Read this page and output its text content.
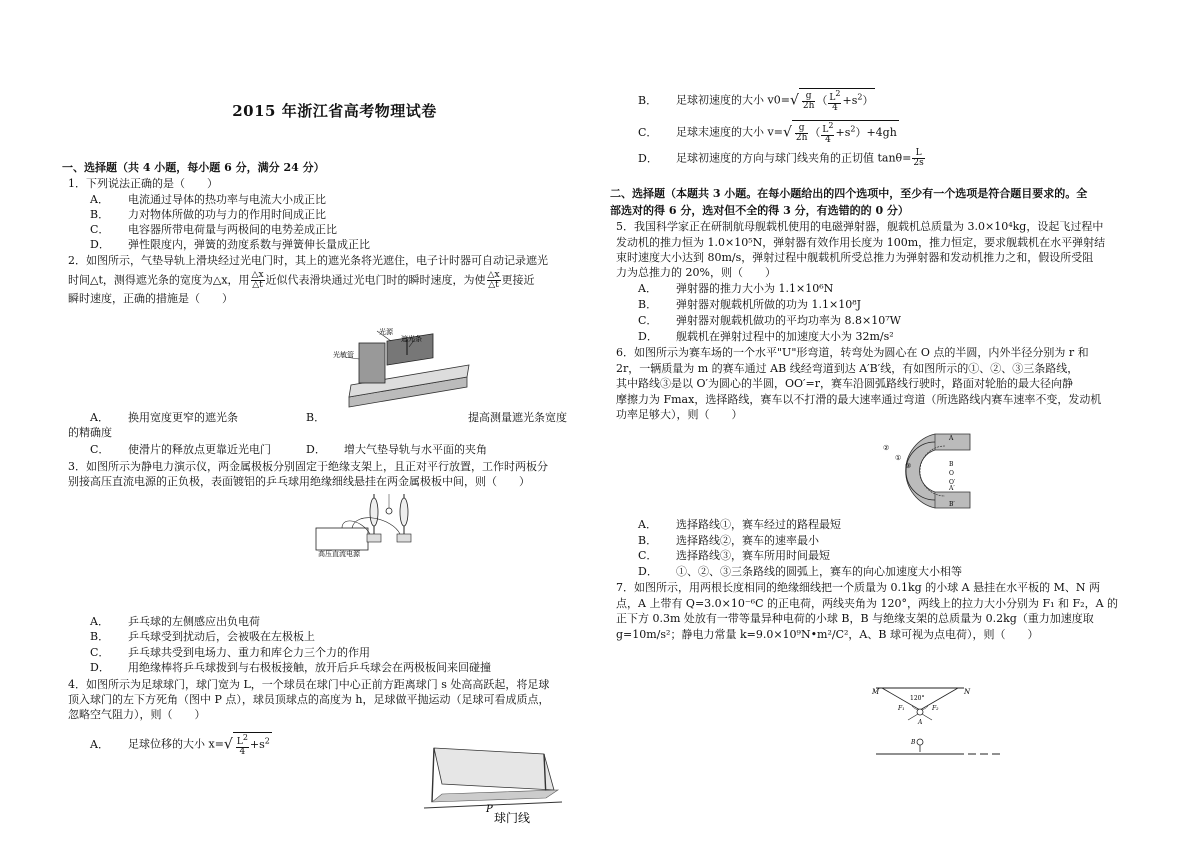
2015 年浙江省高考物理试卷
一、选择题（共 4 小题，每小题 6 分，满分 24 分）
1．下列说法正确的是（　　）
A． 电流通过导体的热功率与电流大小成正比
B． 力对物体所做的功与力的作用时间成正比
C． 电容器所带电荷量与两极间的电势差成正比
D． 弹性限度内，弹簧的劲度系数与弹簧伸长量成正比
2．如图所示，气垫导轨上滑块经过光电门时，其上的遮光条将光遮住，电子计时器可自动记录遮光
时间△t，测得遮光条的宽度为△x，用 $\frac{\triangle x}{\triangle t}$ 近似代表滑块通过光电门时的瞬时速度，为使 $\frac{\triangle x}{\triangle t}$ 更接近
瞬时速度，正确的措施是（　　）
光源
遮光条
光敏管
A． 换用宽度更窄的遮光条	B．	提高测量遮光条宽度
的精确度
C． 使滑片的释放点更靠近光电门	D． 增大气垫导轨与水平面的夹角
3．如图所示为静电力演示仪，两金属极板分别固定于绝缘支架上，且正对平行放置，工作时两板分
别接高压直流电源的正负极，表面镀铝的乒乓球用绝缘细线悬挂在两金属极板中间，则（　　）
高压直流电源
A． 乒乓球的左侧感应出负电荷
B． 乒乓球受到扰动后，会被吸在左极板上
C． 乒乓球共受到电场力、重力和库仑力三个力的作用
D． 用绝缘棒将乒乓球拨到与右极板接触，放开后乒乓球会在两极板间来回碰撞
4．如图所示为足球球门，球门宽为 L，一个球员在球门中心正前方距离球门 s 处高高跃起，将足球
顶入球门的左下方死角（图中 P 点），球员顶球点的高度为 h，足球做平抛运动（足球可看成质点，
忽略空气阻力），则（　　）
A． 足球位移的大小 $x=√ \frac{L^2}{4} +s^2$
P
球门线
B． 足球初速度的大小 $v0=√ \frac{g}{2h}$ （ $\frac{L^2}{4} +s^2$）
C． 足球末速度的大小 $v=√ \frac{g}{2h}$ （ $\frac{L^2}{4} +s^2)+4gh$
D． 足球初速度的方向与球门线夹角的正切值 $\tan\theta= \frac{L}{2s}$
二、选择题（本题共 3 小题。在每小题给出的四个选项中，至少有一个选项是符合题目要求的。全
部选对的得 6 分，选对但不全的得 3 分，有选错的的 0 分）
5．我国科学家正在研制航母舰载机使用的电磁弹射器，舰载机总质量为 3.0×10⁴kg，设起飞过程中
发动机的推力恒为 1.0×10⁵N，弹射器有效作用长度为 100m，推力恒定，要求舰载机在水平弹射结
束时速度大小达到 80m/s，弹射过程中舰载机所受总推力为弹射器和发动机推力之和，假设所受阻
力为总推力的 20%，则（　　）
A． 弹射器的推力大小为 1.1×10⁶N
B． 弹射器对舰载机所做的功为 1.1×10⁸J
C． 弹射器对舰载机做功的平均功率为 8.8×10⁷W
D． 舰载机在弹射过程中的加速度大小为 32m/s²
6．如图所示为赛车场的一个水平"U"形弯道，转弯处为圆心在 O 点的半圆，内外半径分别为 r 和
2r，一辆质量为 m 的赛车通过 AB 线经弯道到达 A′B′线，有如图所示的①、②、③三条路线，
其中路线③是以 O′为圆心的半圆，OO′=r，赛车沿圆弧路线行驶时，路面对轮胎的最大径向静
摩擦力为 Fmax，选择路线，赛车以不打滑的最大速率通过弯道（所选路线内赛车速率不变，发动机
功率足够大），则（　　）
②
①
③
A
B
O
O′
A′
B′
A． 选择路线①，赛车经过的路程最短
B． 选择路线②，赛车的速率最小
C． 选择路线③，赛车所用时间最短
D． ①、②、③三条路线的圆弧上，赛车的向心加速度大小相等
7．如图所示，用两根长度相同的绝缘细线把一个质量为 0.1kg 的小球 A 悬挂在水平板的 M、N 两
点，A 上带有 Q=3.0×10⁻⁶C 的正电荷，两线夹角为 120°，两线上的拉力大小分别为 F₁ 和 F₂，A 的
正下方 0.3m 处放有一带等量异种电荷的小球 B，B 与绝缘支架的总质量为 0.2kg（重力加速度取
g=10m/s²；静电力常量 k=9.0×10⁹N•m²/C²，A、B 球可视为点电荷），则（　　）
M	N
120°
F₁	F₂
A
B
